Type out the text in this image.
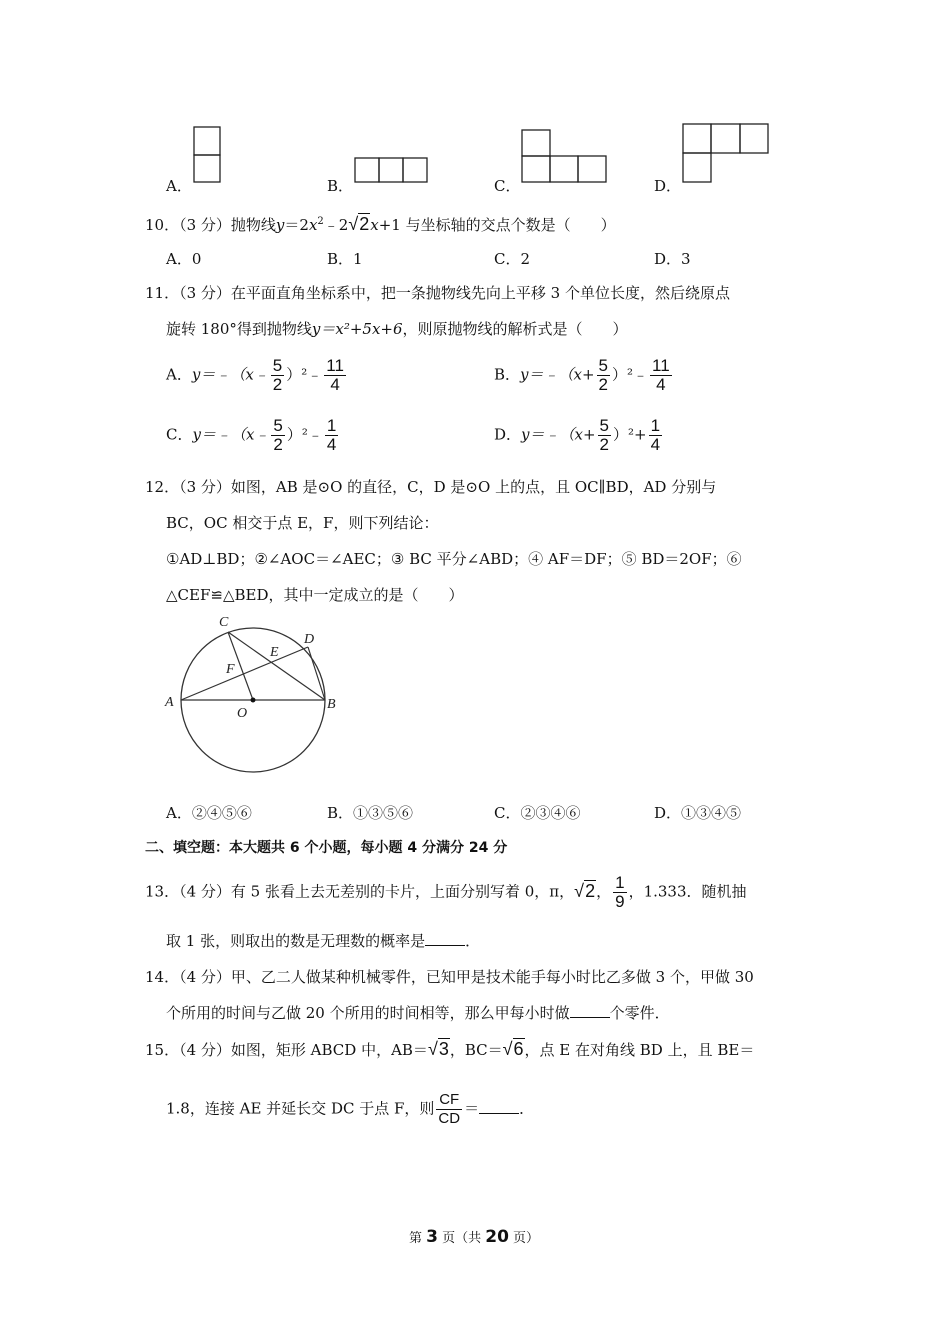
A．	B．	C．	D．
10．（3 分）抛物线$y=2x^2﹣2√2x+1$ 与坐标轴的交点个数是（　　）
A．0	B．1	C．2	D．3
11．（3 分）在平面直角坐标系中，把一条抛物线先向上平移 3 个单位长度，然后绕原点
旋转 180°得到抛物线y＝x²+5x+6，则原抛物线的解析式是（　　）
A．y＝﹣（x﹣ $\frac{5}{2}$ ）²﹣ $\frac{11}{4}$	B．y＝﹣（x+ $\frac{5}{2}$ ）²﹣ $\frac{11}{4}$
C．y＝﹣（x﹣ $\frac{5}{2}$ ）²﹣ $\frac{1}{4}$	D．y＝﹣（x+ $\frac{5}{2} )^2+ \frac{1}{4}$
12．（3 分）如图，AB 是⊙O 的直径，C，D 是⊙O 上的点，且 OC∥BD，AD 分别与
BC，OC 相交于点 E，F，则下列结论：
①AD⊥BD；②∠AOC＝∠AEC；③ BC 平分∠ABD；④ AF＝DF；⑤ BD＝2OF；⑥
△CEF≌△BED，其中一定成立的是（　　）
A	B
C
D
E
F
O
A．②④⑤⑥	B．①③⑤⑥	C．②③④⑥	D．①③④⑤
二、填空题：本大题共 6 个小题，每小题 4 分满分 24 分
13．（4 分）有 5 张看上去无差别的卡片，上面分别写着 0，π，√2， $\frac{1}{9}$ ，1.333．随机抽
取 1 张，则取出的数是无理数的概率是	．
14．（4 分）甲、乙二人做某种机械零件，已知甲是技术能手每小时比乙多做 3 个，甲做 30
个所用的时间与乙做 20 个所用的时间相等，那么甲每小时做	个零件．
15．（4 分）如图，矩形 ABCD 中，AB＝√3，BC＝√6，点 E 在对角线 BD 上，且 BE＝
1.8，连接 AE 并延长交 DC 于点 F，则 $\frac{CF}{CD}$ ＝	．
第 3 页（共 20 页）
